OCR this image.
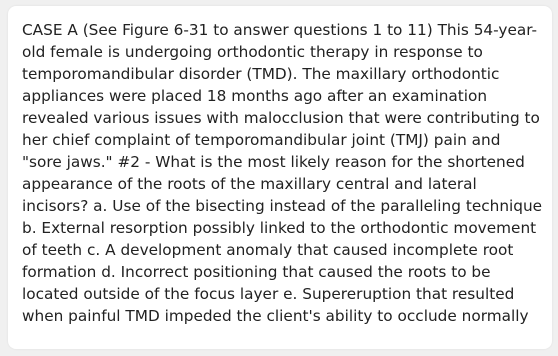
CASE A (See Figure 6-31 to answer questions 1 to 11) This 54-year-old female is undergoing orthodontic therapy in response to temporomandibular disorder (TMD). The maxillary orthodontic appliances were placed 18 months ago after an examination revealed various issues with malocclusion that were contributing to her chief complaint of temporomandibular joint (TMJ) pain and "sore jaws." #2 - What is the most likely reason for the shortened appearance of the roots of the maxillary central and lateral incisors? a. Use of the bisecting instead of the paralleling technique b. External resorption possibly linked to the orthodontic movement of teeth c. A development anomaly that caused incomplete root formation d. Incorrect positioning that caused the roots to be located outside of the focus layer e. Supereruption that resulted when painful TMD impeded the client's ability to occlude normally
